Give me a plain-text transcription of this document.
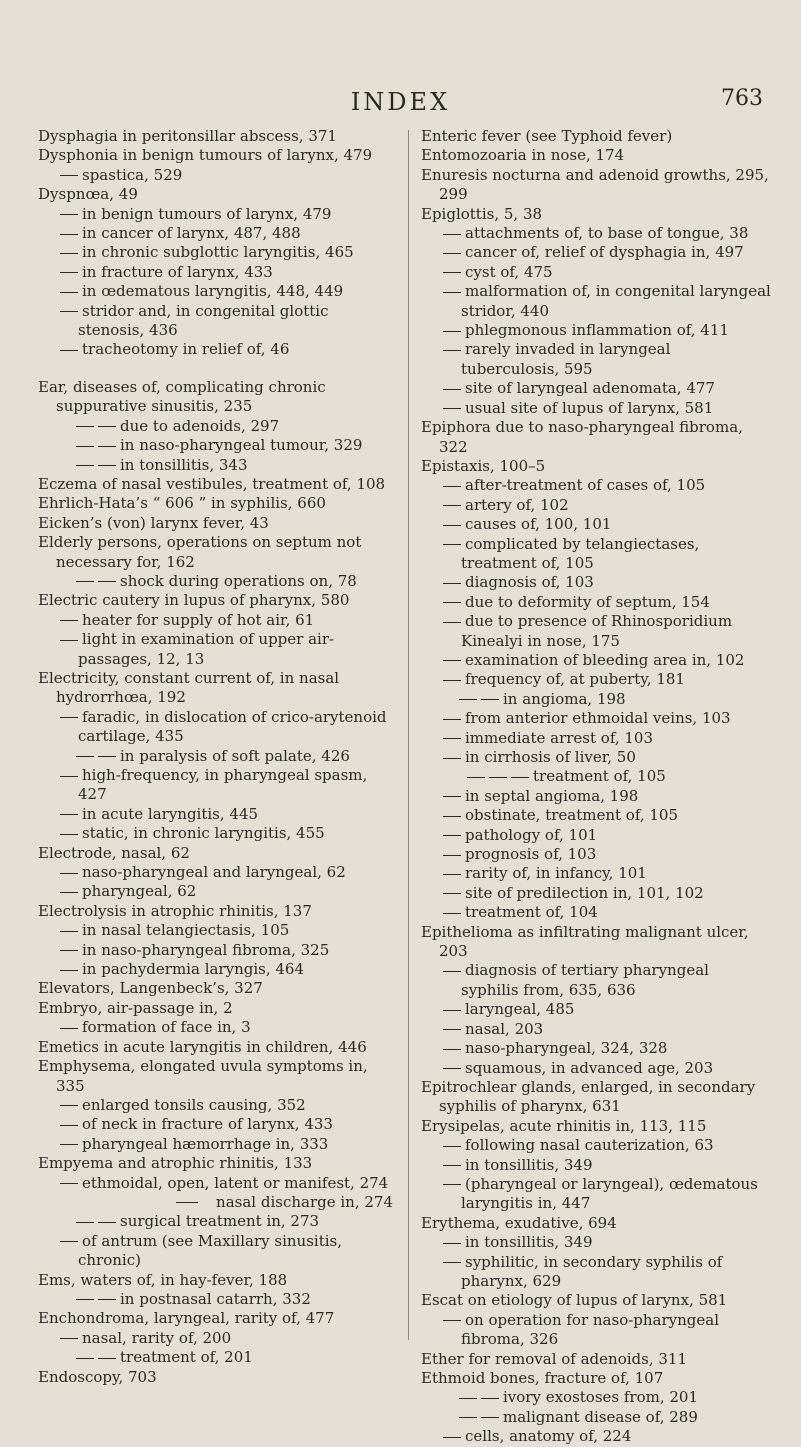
INDEX	763

Dysphagia in peritonsillar abscess, 371

Dysphonia in benign tumours of larynx, 479

spastica, 529

Dyspnœa, 49

in benign tumours of larynx, 479

in cancer of larynx, 487, 488

in chronic subglottic laryngitis, 465

in fracture of larynx, 433

in œdematous laryngitis, 448, 449

stridor and, in congenital glottic stenosis, 436

tracheotomy in relief of, 46

Ear, diseases of, complicating chronic suppurative sinusitis, 235

due to adenoids, 297

in naso-pharyngeal tumour, 329

in tonsillitis, 343

Eczema of nasal vestibules, treatment of, 108

Ehrlich-Hata’s “ 606 ” in syphilis, 660

Eicken’s (von) larynx fever, 43

Elderly persons, operations on septum not necessary for, 162

shock during operations on, 78

Electric cautery in lupus of pharynx, 580

heater for supply of hot air, 61

light in examination of upper air-passages, 12, 13

Electricity, constant current of, in nasal hydrorrhœa, 192

faradic, in dislocation of crico-arytenoid cartilage, 435

in paralysis of soft palate, 426

high-frequency, in pharyngeal spasm, 427

in acute laryngitis, 445

static, in chronic laryngitis, 455

Electrode, nasal, 62

naso-pharyngeal and laryngeal, 62

pharyngeal, 62

Electrolysis in atrophic rhinitis, 137

in nasal telangiectasis, 105

in naso-pharyngeal fibroma, 325

in pachydermia laryngis, 464

Elevators, Langenbeck’s, 327

Embryo, air-passage in, 2

formation of face in, 3

Emetics in acute laryngitis in children, 446

Emphysema, elongated uvula symptoms in, 335

enlarged tonsils causing, 352

of neck in fracture of larynx, 433

pharyngeal hæmorrhage in, 333

Empyema and atrophic rhinitis, 133

ethmoidal, open, latent or manifest, 274

nasal discharge in, 274

surgical treatment in, 273

of antrum (see Maxillary sinusitis, chronic)

Ems, waters of, in hay-fever, 188

in postnasal catarrh, 332

Enchondroma, laryngeal, rarity of, 477

nasal, rarity of, 200

treatment of, 201

Endoscopy, 703

Enteric fever (see Typhoid fever)

Entomozoaria in nose, 174

Enuresis nocturna and adenoid growths, 295, 299

Epiglottis, 5, 38

attachments of, to base of tongue, 38

cancer of, relief of dysphagia in, 497

cyst of, 475

malformation of, in congenital laryngeal stridor, 440

phlegmonous inflammation of, 411

rarely invaded in laryngeal tuberculosis, 595

site of laryngeal adenomata, 477

usual site of lupus of larynx, 581

Epiphora due to naso-pharyngeal fibroma, 322

Epistaxis, 100–5

after-treatment of cases of, 105

artery of, 102

causes of, 100, 101

complicated by telangiectases, treatment of, 105

diagnosis of, 103

due to deformity of septum, 154

due to presence of Rhinosporidium Kinealyi in nose, 175

examination of bleeding area in, 102

frequency of, at puberty, 181

in angioma, 198

from anterior ethmoidal veins, 103

immediate arrest of, 103

in cirrhosis of liver, 50

treatment of, 105

in septal angioma, 198

obstinate, treatment of, 105

pathology of, 101

prognosis of, 103

rarity of, in infancy, 101

site of predilection in, 101, 102

treatment of, 104

Epithelioma as infiltrating malignant ulcer, 203

diagnosis of tertiary pharyngeal syphilis from, 635, 636

laryngeal, 485

nasal, 203

naso-pharyngeal, 324, 328

squamous, in advanced age, 203

Epitrochlear glands, enlarged, in secondary syphilis of pharynx, 631

Erysipelas, acute rhinitis in, 113, 115

following nasal cauterization, 63

in tonsillitis, 349

(pharyngeal or laryngeal), œdematous laryngitis in, 447

Erythema, exudative, 694

in tonsillitis, 349

syphilitic, in secondary syphilis of pharynx, 629

Escat on etiology of lupus of larynx, 581

on operation for naso-pharyngeal fibroma, 326

Ether for removal of adenoids, 311

Ethmoid bones, fracture of, 107

ivory exostoses from, 201

malignant disease of, 289

cells, anatomy of, 224
